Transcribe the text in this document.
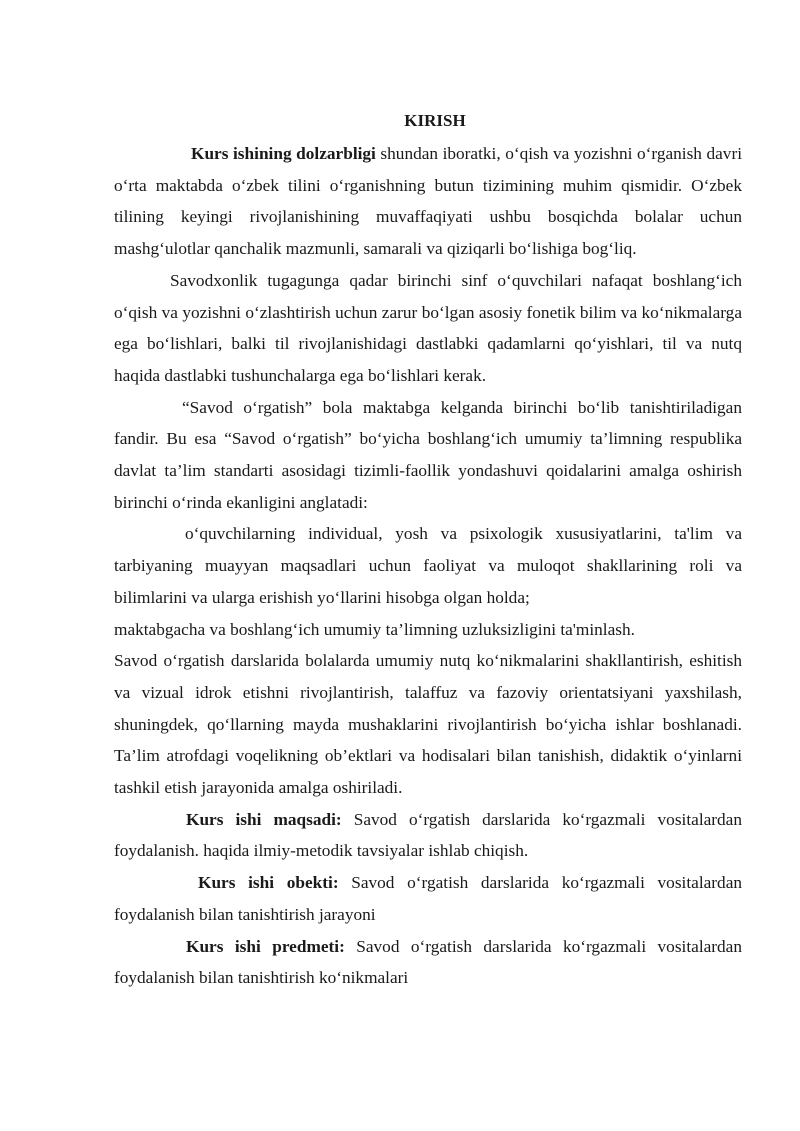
KIRISH

Kurs ishining dolzarbligi shundan iboratki, o‘qish va yozishni o‘rganish davri o‘rta maktabda o‘zbek tilini o‘rganishning butun tizimining muhim qismidir. O‘zbek tilining keyingi rivojlanishining muvaffaqiyati ushbu bosqichda bolalar uchun mashg‘ulotlar qanchalik mazmunli, samarali va qiziqarli bo‘lishiga bog‘liq.

Savodxonlik tugagunga qadar birinchi sinf o‘quvchilari nafaqat boshlang‘ich o‘qish va yozishni o‘zlashtirish uchun zarur bo‘lgan asosiy fonetik bilim va ko‘nikmalarga ega bo‘lishlari, balki til rivojlanishidagi dastlabki qadamlarni qo‘yishlari, til va nutq haqida dastlabki tushunchalarga ega bo‘lishlari kerak.

“Savod o‘rgatish” bola maktabga kelganda birinchi bo‘lib tanishtiriladigan fandir. Bu esa “Savod o‘rgatish” bo‘yicha boshlang‘ich umumiy ta’limning respublika davlat ta’lim standarti asosidagi tizimli-faollik yondashuvi qoidalarini amalga oshirish birinchi o‘rinda ekanligini anglatadi:

o‘quvchilarning individual, yosh va psixologik xususiyatlarini, ta'lim va tarbiyaning muayyan maqsadlari uchun faoliyat va muloqot shakllarining roli va bilimlarini va ularga erishish yo‘llarini hisobga olgan holda;

maktabgacha va boshlang‘ich umumiy ta’limning uzluksizligini ta'minlash.

Savod o‘rgatish darslarida bolalarda umumiy nutq ko‘nikmalarini shakllantirish, eshitish va vizual idrok etishni rivojlantirish, talaffuz va fazoviy orientatsiyani yaxshilash, shuningdek, qo‘llarning mayda mushaklarini rivojlantirish bo‘yicha ishlar boshlanadi. Ta’lim atrofdagi voqelikning ob’ektlari va hodisalari bilan tanishish, didaktik o‘yinlarni tashkil etish jarayonida amalga oshiriladi.

Kurs ishi maqsadi: Savod o‘rgatish darslarida ko‘rgazmali vositalardan foydalanish. haqida ilmiy-metodik tavsiyalar ishlab chiqish.

Kurs ishi obekti: Savod o‘rgatish darslarida ko‘rgazmali vositalardan foydalanish bilan tanishtirish jarayoni

Kurs ishi predmeti: Savod o‘rgatish darslarida ko‘rgazmali vositalardan foydalanish bilan tanishtirish ko‘nikmalari
